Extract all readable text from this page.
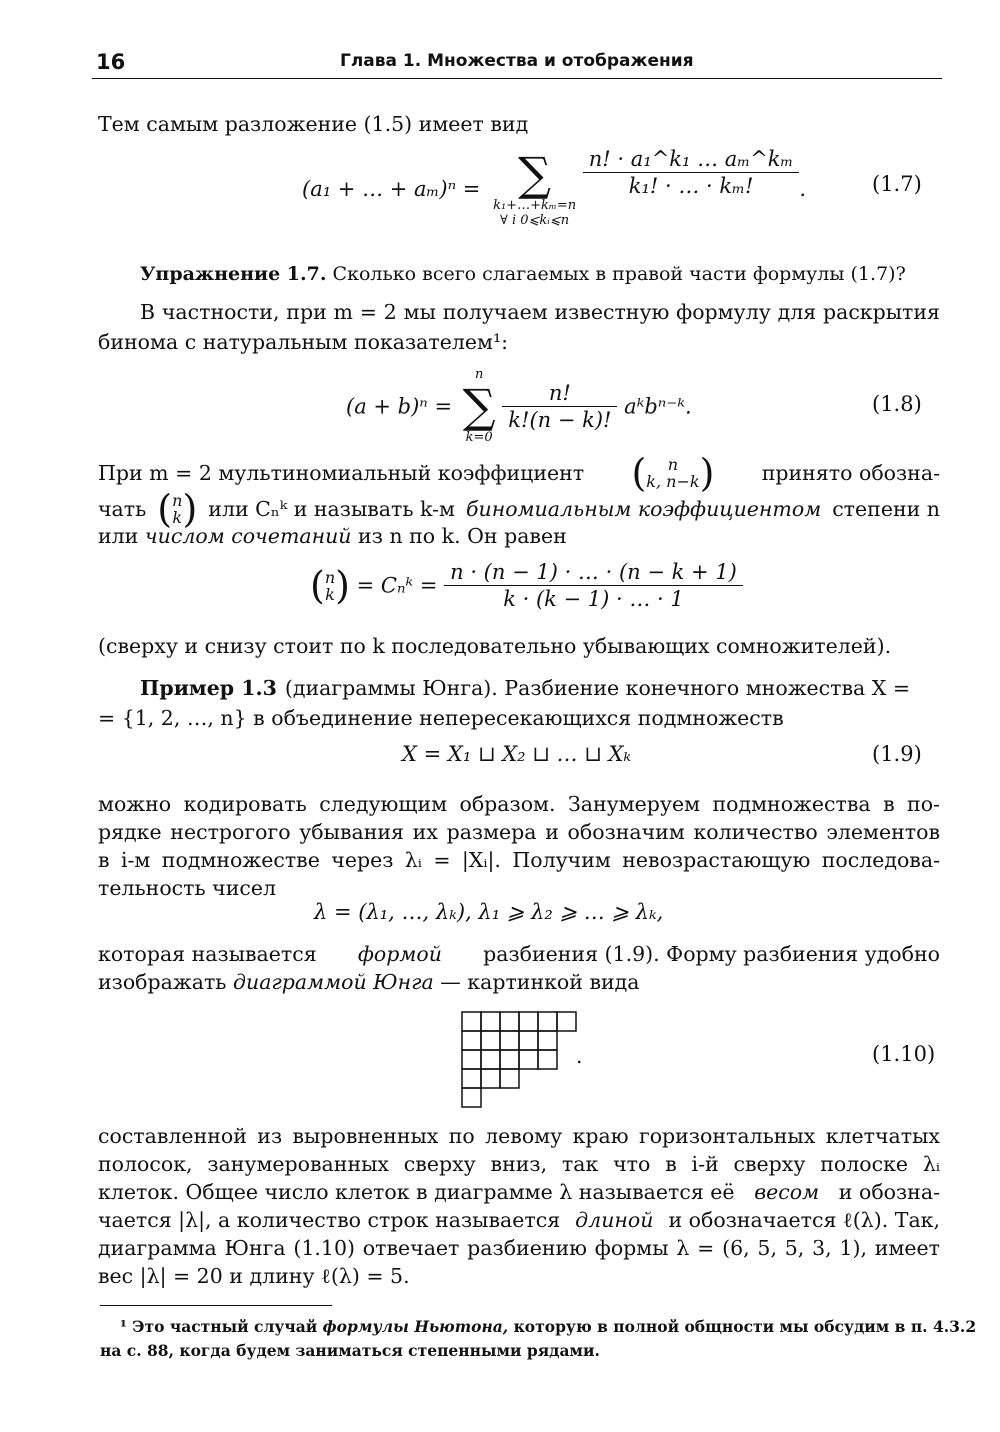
16	Глава 1. Множества и отображения
Тем самым разложение (1.5) имеет вид
(a₁ + … + aₘ)ⁿ = ∑
k₁+…+kₘ=n
∀ i 0⩽kᵢ⩽n

$\frac{\text{n! · a₁\textasciicircum{}k₁ … aₘ\textasciicircum{}kₘ}}{\text{k₁! · … · kₘ!}}$ .	(1.7)
Упражнение 1.7. Сколько всего слагаемых в правой части формулы (1.7)?
В частности, при m = 2 мы получаем известную формулу для раскрытия
бинома с натуральным показателем¹:
(a + b)ⁿ =
n
∑
k=0

$\frac{n!}{k!(n - k)!}$ aᵏbⁿ⁻ᵏ.	(1.8)
При m = 2 мультиномиальный коэффициент (	n
k, n−k ) принято обозна-
чать ( n
k ) или Cₙᵏ и называть k-м биномиальным коэффициентом степени n
или числом сочетаний из n по k. Он равен
( n
k ) = Cₙᵏ = $\frac{n \cdot (n - 1) \cdot \dots \cdot (n - k + 1)}{k \cdot (k - 1) \cdot \dots \cdot 1}$
(сверху и снизу стоит по k последовательно убывающих сомножителей).
Пример 1.3 (диаграммы Юнга). Разбиение конечного множества X =
= {1, 2, …, n} в объединение непересекающихся подмножеств
X = X₁ ⊔ X₂ ⊔ … ⊔ Xₖ	(1.9)
можно кодировать следующим образом. Занумеруем подмножества в по-
рядке нестрогого убывания их размера и обозначим количество элементов
в i-м подмножестве через λᵢ = |Xᵢ|. Получим невозрастающую последова-
тельность чисел
λ = (λ₁, …, λₖ), λ₁ ⩾ λ₂ ⩾ … ⩾ λₖ,
которая называется формой разбиения (1.9). Форму разбиения удобно
изображать диаграммой Юнга — картинкой вида
.	(1.10)
составленной из выровненных по левому краю горизонтальных клетчатых
полосок, занумерованных сверху вниз, так что в i-й сверху полоске λᵢ
клеток. Общее число клеток в диаграмме λ называется её весом и обозна-
чается |λ|, а количество строк называется длиной и обозначается ℓ(λ). Так,
диаграмма Юнга (1.10) отвечает разбиению формы λ = (6, 5, 5, 3, 1), имеет
вес |λ| = 20 и длину ℓ(λ) = 5.
¹ Это частный случай формулы Ньютона, которую в полной общности мы обсудим в п. 4.3.2
на с. 88, когда будем заниматься степенными рядами.
